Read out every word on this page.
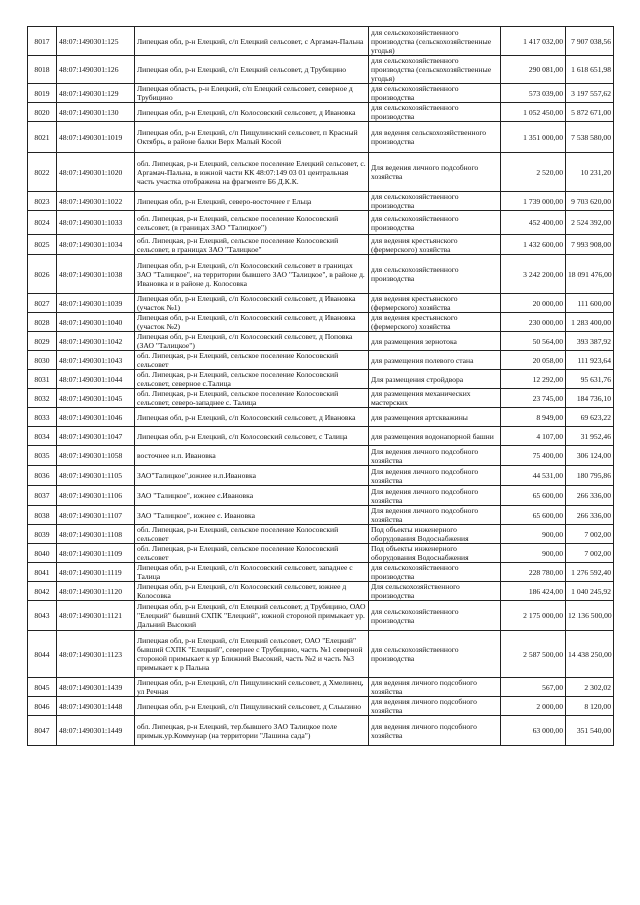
8017	48:07:1490301:125	Липецкая обл, р-н Елецкий, с/п Елецкий сельсовет, с Аргамач-Пальна	для сельскохозяйственного производства (сельскохозяйственные угодья)	1 417 032,00	7 907 038,56
8018	48:07:1490301:126	Липецкая обл, р-н Елецкий, с/п Елецкий сельсовет, д Трубицино	для сельскохозяйственного производства (сельскохозяйственные угодья)	290 081,00	1 618 651,98
8019	48:07:1490301:129	Липецкая область, р-н Елецкий, с/п Елецкий сельсовет, северное д Трубицино	для сельскохозяйственного производства	573 039,00	3 197 557,62
8020	48:07:1490301:130	Липецкая обл, р-н Елецкий, с/п Колосовский сельсовет, д Ивановка	для сельскохозяйственного производства	1 052 450,00	5 872 671,00
8021	48:07:1490301:1019	Липецкая обл, р-н Елецкий, с/п Пищулинский сельсовет, п Красный Октябрь, в районе балки Верх Малый Косой	для ведения сельскохозяйственного производства	1 351 000,00	7 538 580,00
8022	48:07:1490301:1020	обл. Липецкая, р-н Елецкий, сельское поселение Елецкий сельсовет, с. Аргамач-Пальна, в южной части КК 48:07:149 03 01 центральная часть участка отображена на фрагменте Б6 Д.К.К.	Для ведения личного подсобного хозяйства	2 520,00	10 231,20
8023	48:07:1490301:1022	Липецкая обл, р-н Елецкий, северо-восточнее г Ельца	для сельскохозяйственного производства	1 739 000,00	9 703 620,00
8024	48:07:1490301:1033	обл. Липецкая, р-н Елецкий, сельское поселение Колосовский сельсовет, (в границах ЗАО "Талицкое")	для сельскохозяйственного производства	452 400,00	2 524 392,00
8025	48:07:1490301:1034	обл. Липецкая, р-н Елецкий, сельское поселение Колосовский сельсовет, в границах ЗАО "Талицкое"	для ведения крестьянского (фермерского) хозяйства	1 432 600,00	7 993 908,00
8026	48:07:1490301:1038	Липецкая обл, р-н Елецкий, с/п Колосовский сельсовет в границах ЗАО "Талицкое", на территории бывшего ЗАО "Талицкое", в районе д. Ивановка и в районе д. Колосовка	для сельскохозяйственного производства	3 242 200,00	18 091 476,00
8027	48:07:1490301:1039	Липецкая обл, р-н Елецкий, с/п Колосовский сельсовет, д Ивановка (участок №1)	для ведения крестьянского (фермерского) хозяйства	20 000,00	111 600,00
8028	48:07:1490301:1040	Липецкая обл, р-н Елецкий, с/п Колосовский сельсовет, д Ивановка (участок №2)	для ведения крестьянского (фермерского) хозяйства	230 000,00	1 283 400,00
8029	48:07:1490301:1042	Липецкая обл, р-н Елецкий, с/п Колосовский сельсовет, д Поповка (ЗАО "Талицкое")	для размещения зернотока	50 564,00	393 387,92
8030	48:07:1490301:1043	обл. Липецкая, р-н Елецкий, сельское поселение Колосовский сельсовет	для размещения полевого стана	20 058,00	111 923,64
8031	48:07:1490301:1044	обл. Липецкая, р-н Елецкий, сельское поселение Колосовский сельсовет, северное с.Талица	Для размещения стройдвора	12 292,00	95 631,76
8032	48:07:1490301:1045	обл. Липецкая, р-н Елецкий, сельское поселение Колосовский сельсовет, северо-западнее с. Талица	для размещения механических мастерских	23 745,00	184 736,10
8033	48:07:1490301:1046	Липецкая обл, р-н Елецкий, с/п Колосовский сельсовет, д Ивановка	для размещения артскважины	8 949,00	69 623,22
8034	48:07:1490301:1047	Липецкая обл, р-н Елецкий, с/п Колосовский сельсовет, с Талица	для размещения водонапорной башни	4 107,00	31 952,46
8035	48:07:1490301:1058	восточнее н.п. Ивановка	Для ведения личного подсобного хозяйства	75 400,00	306 124,00
8036	48:07:1490301:1105	ЗАО"Талицкое",южнее н.п.Ивановка	Для ведения личного подсобного хозяйства	44 531,00	180 795,86
8037	48:07:1490301:1106	ЗАО "Талицкое", южнее с.Ивановка	Для ведения личного подсобного хозяйства	65 600,00	266 336,00
8038	48:07:1490301:1107	ЗАО "Талицкое", южнее с. Ивановка	Для ведения личного подсобного хозяйства	65 600,00	266 336,00
8039	48:07:1490301:1108	обл. Липецкая, р-н Елецкий, сельское поселение Колосовский сельсовет	Под объекты инженерного оборудования Водоснабжения	900,00	7 002,00
8040	48:07:1490301:1109	обл. Липецкая, р-н Елецкий, сельское поселение Колосовский сельсовет	Под объекты инженерного оборудования Водоснабжения	900,00	7 002,00
8041	48:07:1490301:1119	Липецкая обл, р-н Елецкий, с/п Колосовский сельсовет, западнее с Талица	для сельскохозяйственного производства	228 780,00	1 276 592,40
8042	48:07:1490301:1120	Липецкая обл, р-н Елецкий, с/п Колосовский сельсовет, южнее д Колосовка	Для сельскохозяйственного производства	186 424,00	1 040 245,92
8043	48:07:1490301:1121	Липецкая обл, р-н Елецкий, с/п Елецкий сельсовет, д Трубицино, ОАО "Елецкий" бывший СХПК "Елецкий", южной стороной примыкает ур. Дальний Высокий	для сельскохозяйственного производства	2 175 000,00	12 136 500,00
8044	48:07:1490301:1123	Липецкая обл, р-н Елецкий, с/п Елецкий сельсовет, ОАО "Елецкий" бывший СХПК "Елецкий", севернее с Трубицино, часть №1 северной стороной примыкает к ур Ближний Высокий, часть №2 и часть №3 примыкает к р Пальна	для сельскохозяйственного производства	2 587 500,00	14 438 250,00
8045	48:07:1490301:1439	Липецкая обл, р-н Елецкий, с/п Пищулинский сельсовет, д Хмелинец, ул Речная	для ведения личного подсобного хозяйства	567,00	2 302,02
8046	48:07:1490301:1448	Липецкая обл, р-н Елецкий, с/п Пищулинский сельсовет, д Сльызино	для ведения личного подсобного хозяйства	2 000,00	8 120,00
8047	48:07:1490301:1449	обл. Липецкая, р-н Елецкий, тер.бывшего ЗАО Талицкое поле примык.ур.Коммунар (на территории "Лашина сада")	для ведения личного подсобного хозяйства	63 000,00	351 540,00
